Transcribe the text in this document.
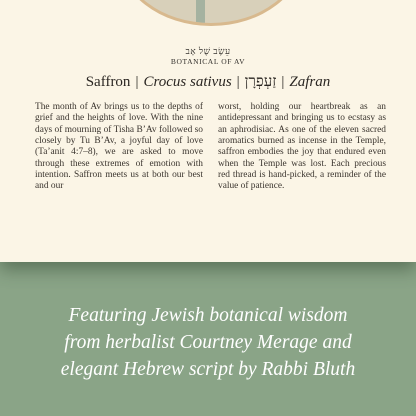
עֵשֶׂב שֶׁל אָב
BOTANICAL OF AV
Saffron | Crocus sativus | זַעְפְרָן | Zafran
The month of Av brings us to the depths of grief and the heights of love. With the nine days of mourning of Tisha B’Av followed so closely by Tu B’Av, a joyful day of love (Ta’anit 4:7–8), we are asked to move through these extremes of emotion with intention. Saffron meets us at both our best and our
worst, holding our heartbreak as an antidepressant and bringing us to ecstasy as an aphrodisiac. As one of the eleven sacred aromatics burned as incense in the Temple, saffron embodies the joy that endured even when the Temple was lost. Each precious red thread is hand-picked, a reminder of the value of patience.
Featuring Jewish botanical wisdom
from herbalist Courtney Merage and
elegant Hebrew script by Rabbi Bluth
